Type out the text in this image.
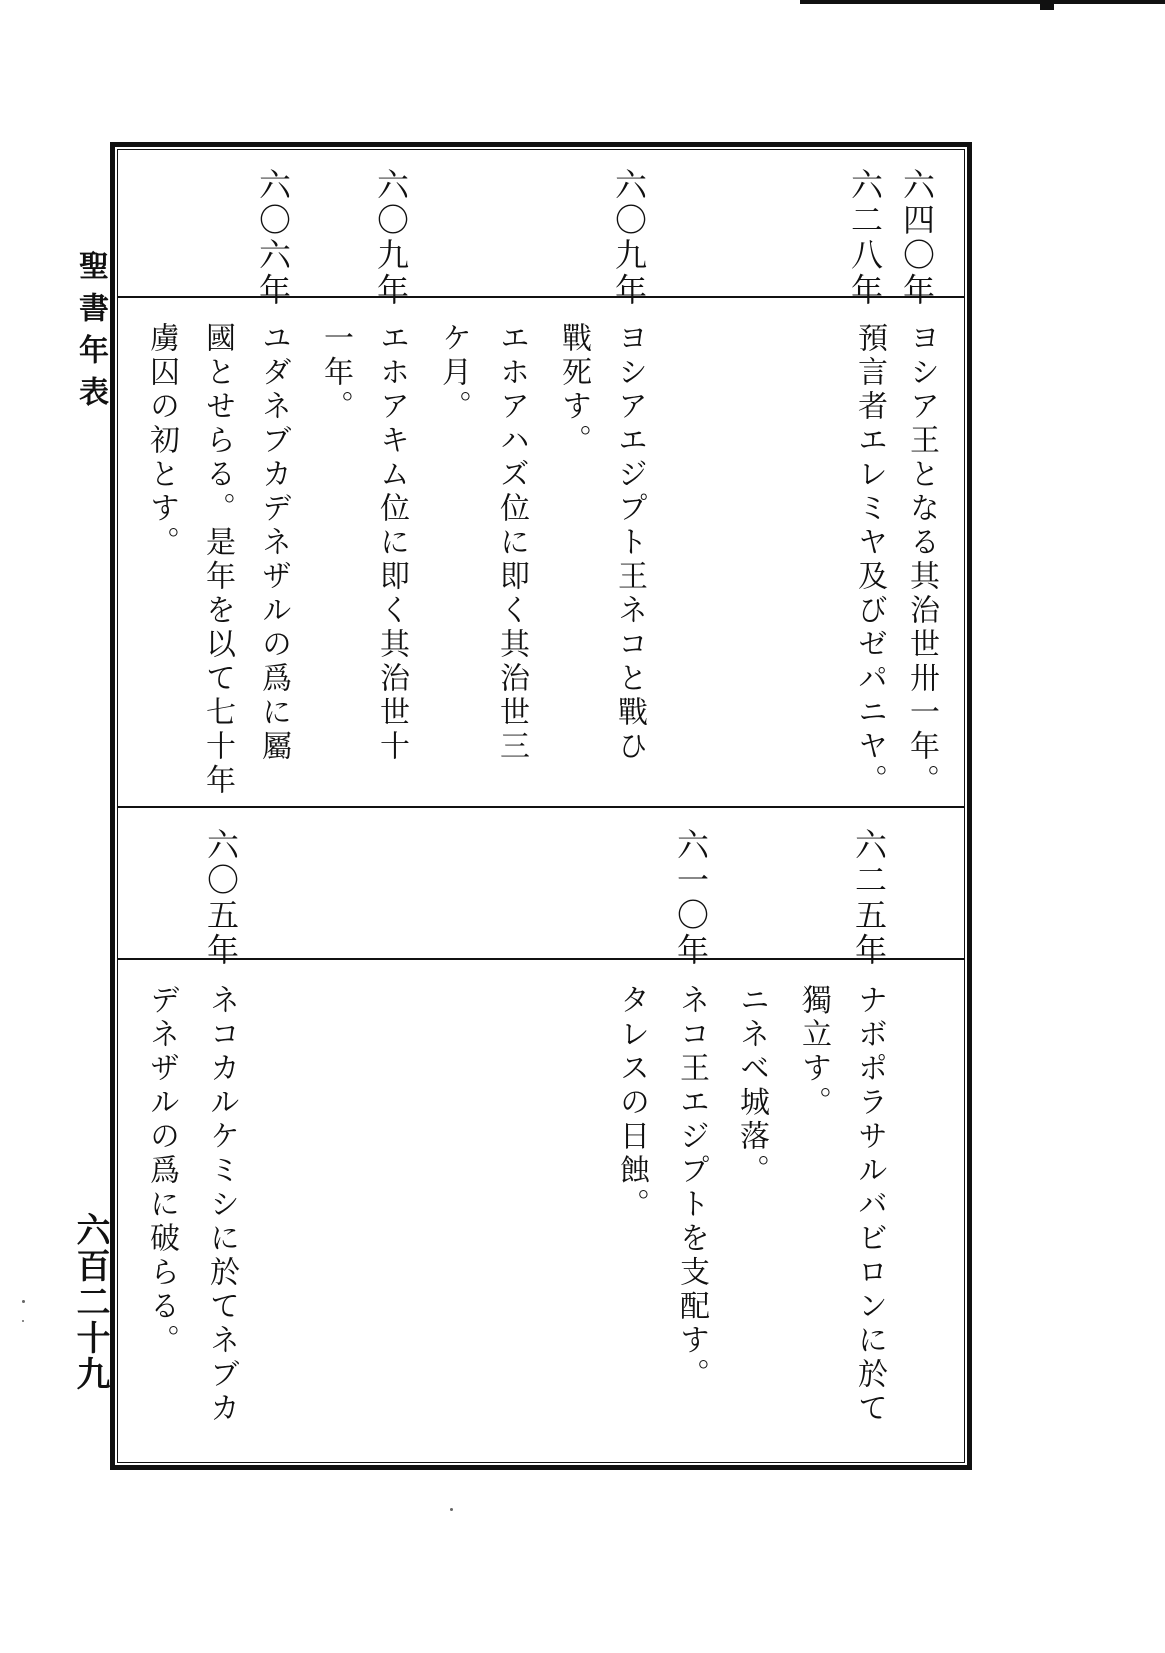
聖書年表
六百二十九
六四〇年
六二八年
六〇九年
六〇九年
六〇六年
ヨシア王となる其治世卅一年。
預言者エレミヤ及びゼパニヤ。
ヨシアエジプト王ネコと戰ひ
戰死す。
エホアハズ位に即く其治世三
ケ月。
エホアキム位に即く其治世十
一年。
ユダネブカデネザルの爲に屬
國とせらる。是年を以て七十年
虜囚の初とす。
六二五年
六一〇年
六〇五年
ナボポラサルバビロンに於て
獨立す。
ニネベ城落。
ネコ王エジプトを支配す。
タレスの日蝕。
ネコカルケミシに於てネブカ
デネザルの爲に破らる。
